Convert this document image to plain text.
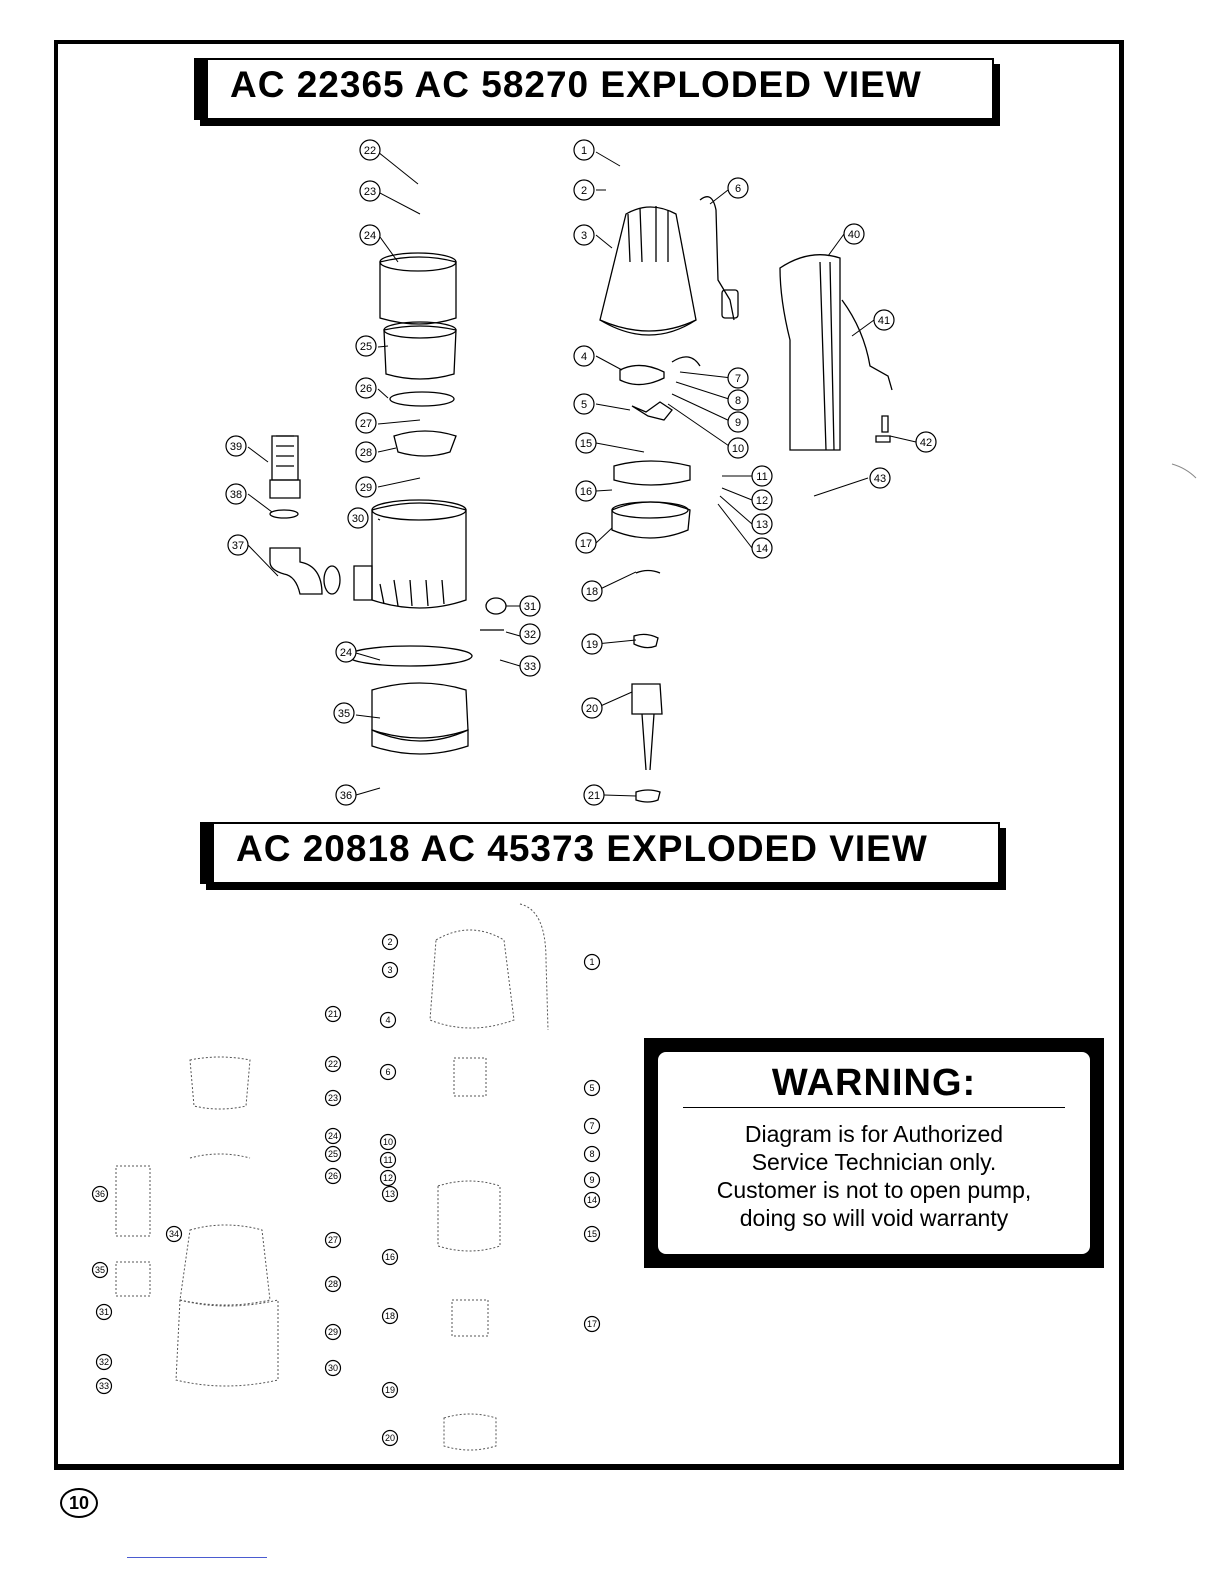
AC 22365 AC 58270 EXPLODED VIEW
AC 20818 AC 45373 EXPLODED VIEW
1
2
3
4
5
6
7
8
9
10
11
12
13
14
15
16
17
18
19
20
21
22
23
24
25
26
27
28
29
30
31
32
33
24
35
36
37
38
39
40
41
42
43
1
2
3
4
5
6
7
8
9
10
11
12
13
14
15
16
17
18
19
20
21
22
23
24
25
26
27
28
29
30
31
32
33
34
35
36
WARNING:
Diagram is for Authorized
Service Technician only.
Customer is not to open pump,
doing so will void warranty
10
